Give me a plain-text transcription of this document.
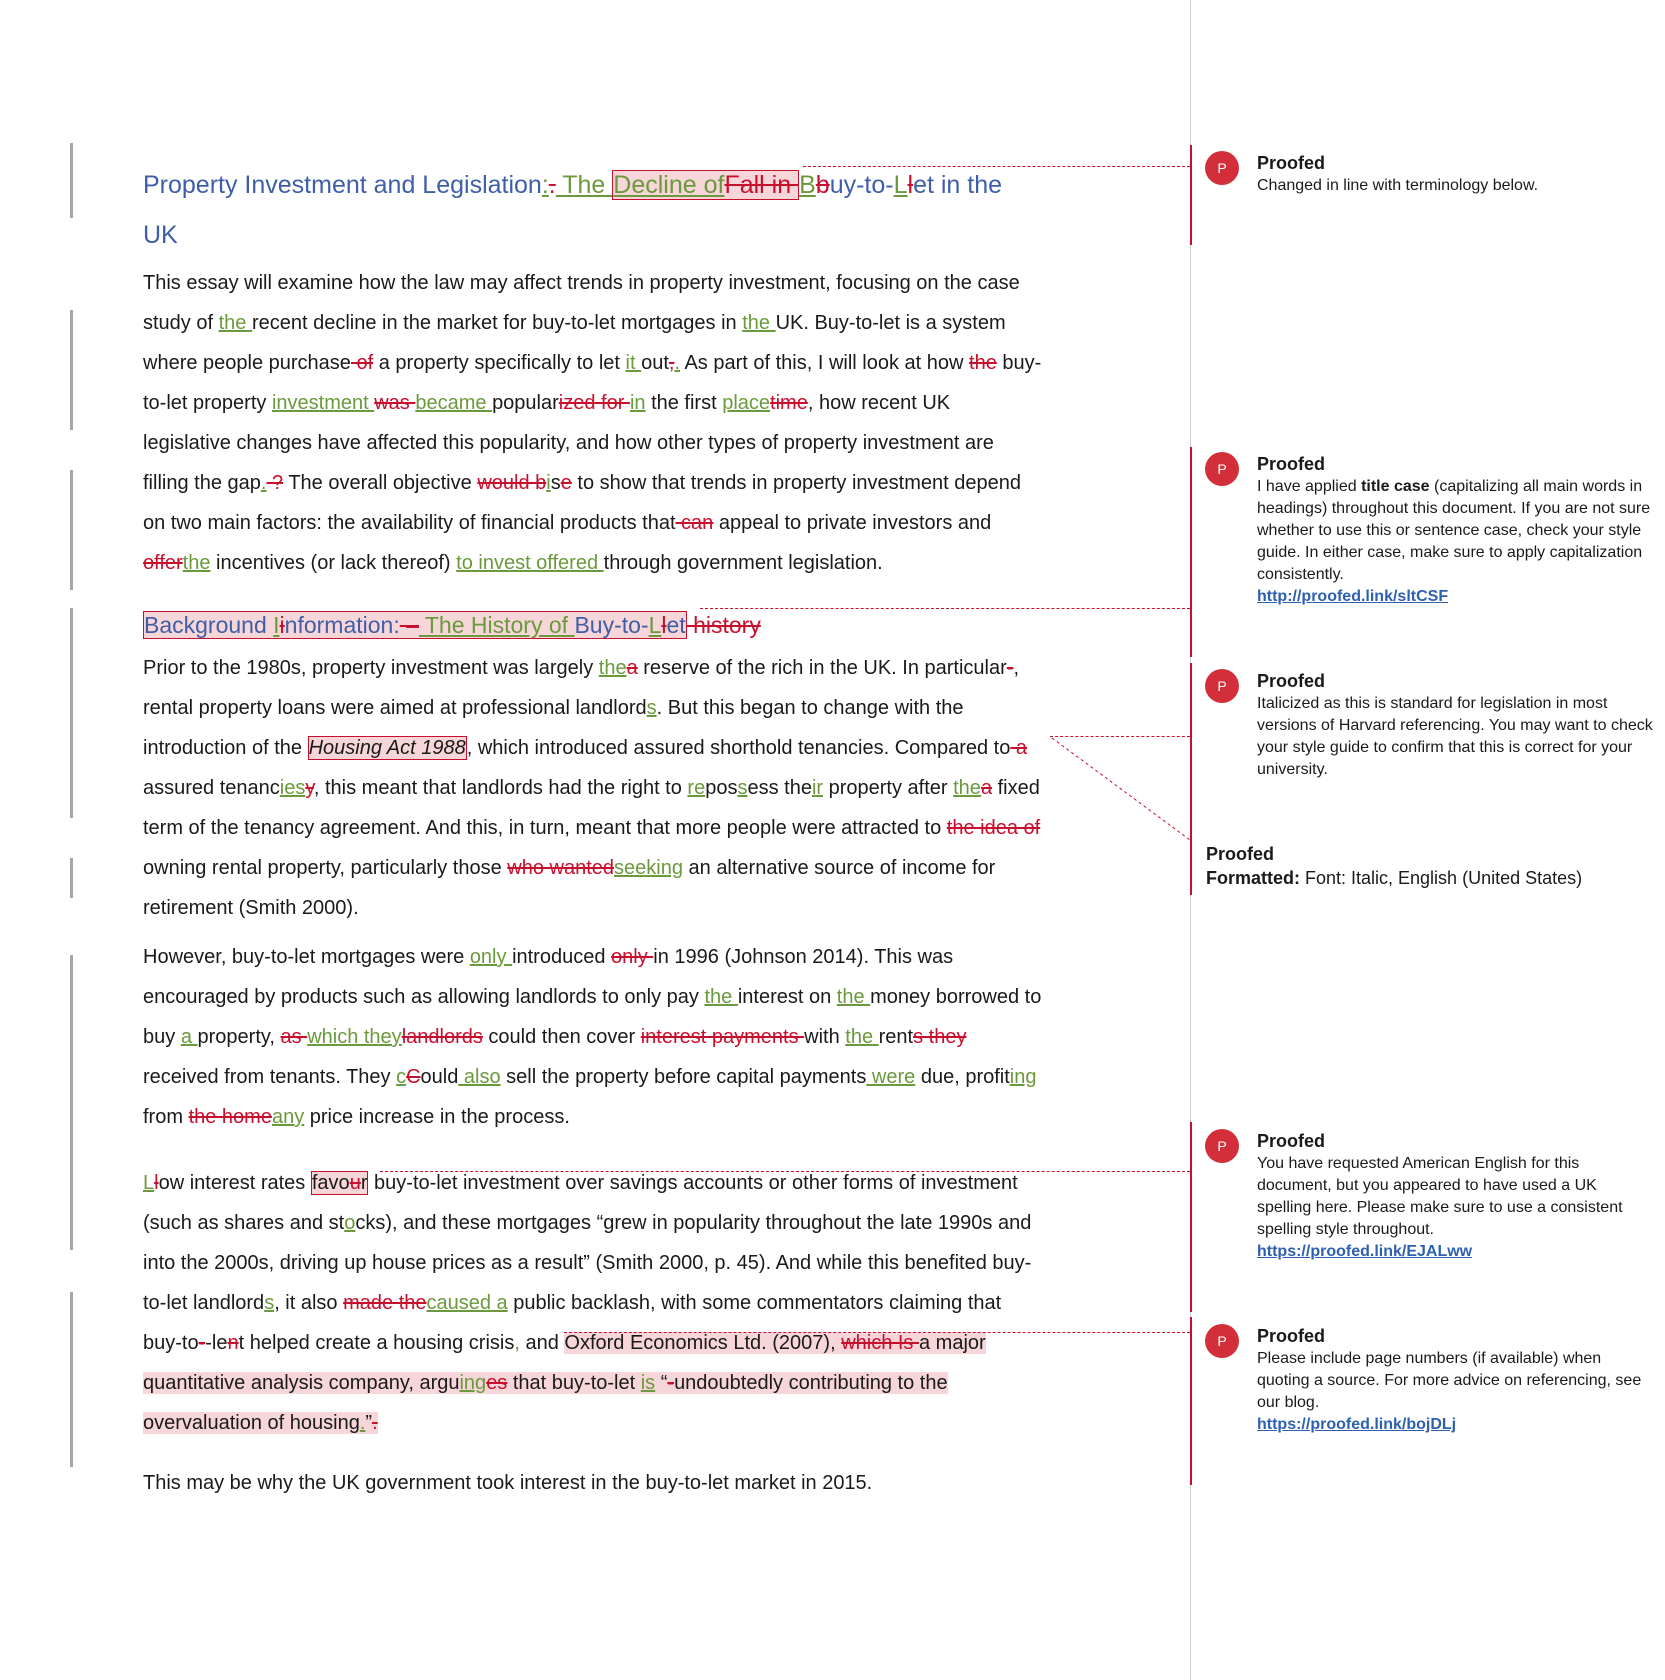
Property Investment and Legislation:. The Decline ofFall in Bbuy-to-Llet in the UK
This essay will examine how the law may affect trends in property investment, focusing on the case study of the recent decline in the market for buy-to-let mortgages in the UK. Buy-to-let is a system where people purchase of a property specifically to let it out,. As part of this, I will look at how the buy-to-let property investment was became popularized for in the first placetime, how recent UK legislative changes have affected this popularity, and how other types of property investment are filling the gap. ? The overall objective would bise to show that trends in property investment depend on two main factors: the availability of financial products that can appeal to private investors and offerthe incentives (or lack thereof) to invest offered through government legislation.
Background Iinformation: – The History of Buy-to-Llet history
Prior to the 1980s, property investment was largely thea reserve of the rich in the UK. In particular-, rental property loans were aimed at professional landlords. But this began to change with the introduction of the Housing Act 1988, which introduced assured shorthold tenancies. Compared to a assured tenanciesy, this meant that landlords had the right to repossess their property after thea fixed term of the tenancy agreement. And this, in turn, meant that more people were attracted to the idea of owning rental property, particularly those who wantedseeking an alternative source of income for retirement (Smith 2000).
However, buy-to-let mortgages were only introduced only in 1996 (Johnson 2014). This was encouraged by products such as allowing landlords to only pay the interest on the money borrowed to buy a property, as which theylandlords could then cover interest payments with the rents they received from tenants. They cCould also sell the property before capital payments were due, profiting from the homeany price increase in the process.
Llow interest rates favour buy-to-let investment over savings accounts or other forms of investment (such as shares and stocks), and these mortgages “grew in popularity throughout the late 1990s and into the 2000s, driving up house prices as a result” (Smith 2000, p. 45). And while this benefited buy-to-let landlords, it also made thecaused a public backlash, with some commentators claiming that buy-to--lent helped create a housing crisis, and Oxford Economics Ltd. (2007), which Is a major quantitative analysis company, arguinges that buy-to-let is “-undoubtedly contributing to the overvaluation of housing.”.
This may be why the UK government took interest in the buy-to-let market in 2015.
P	Proofed
Changed in line with terminology below.
P	Proofed
I have applied title case (capitalizing all main words in headings) throughout this document. If you are not sure whether to use this or sentence case, check your style guide. In either case, make sure to apply capitalization consistently.
http://proofed.link/sltCSF
P	Proofed
Italicized as this is standard for legislation in most versions of Harvard referencing. You may want to check your style guide to confirm that this is correct for your university.
Proofed
Formatted: Font: Italic, English (United States)
P	Proofed
You have requested American English for this document, but you appeared to have used a UK spelling here. Please make sure to use a consistent spelling style throughout.
https://proofed.link/EJALww
P	Proofed
Please include page numbers (if available) when quoting a source. For more advice on referencing, see our blog.
https://proofed.link/bojDLj
